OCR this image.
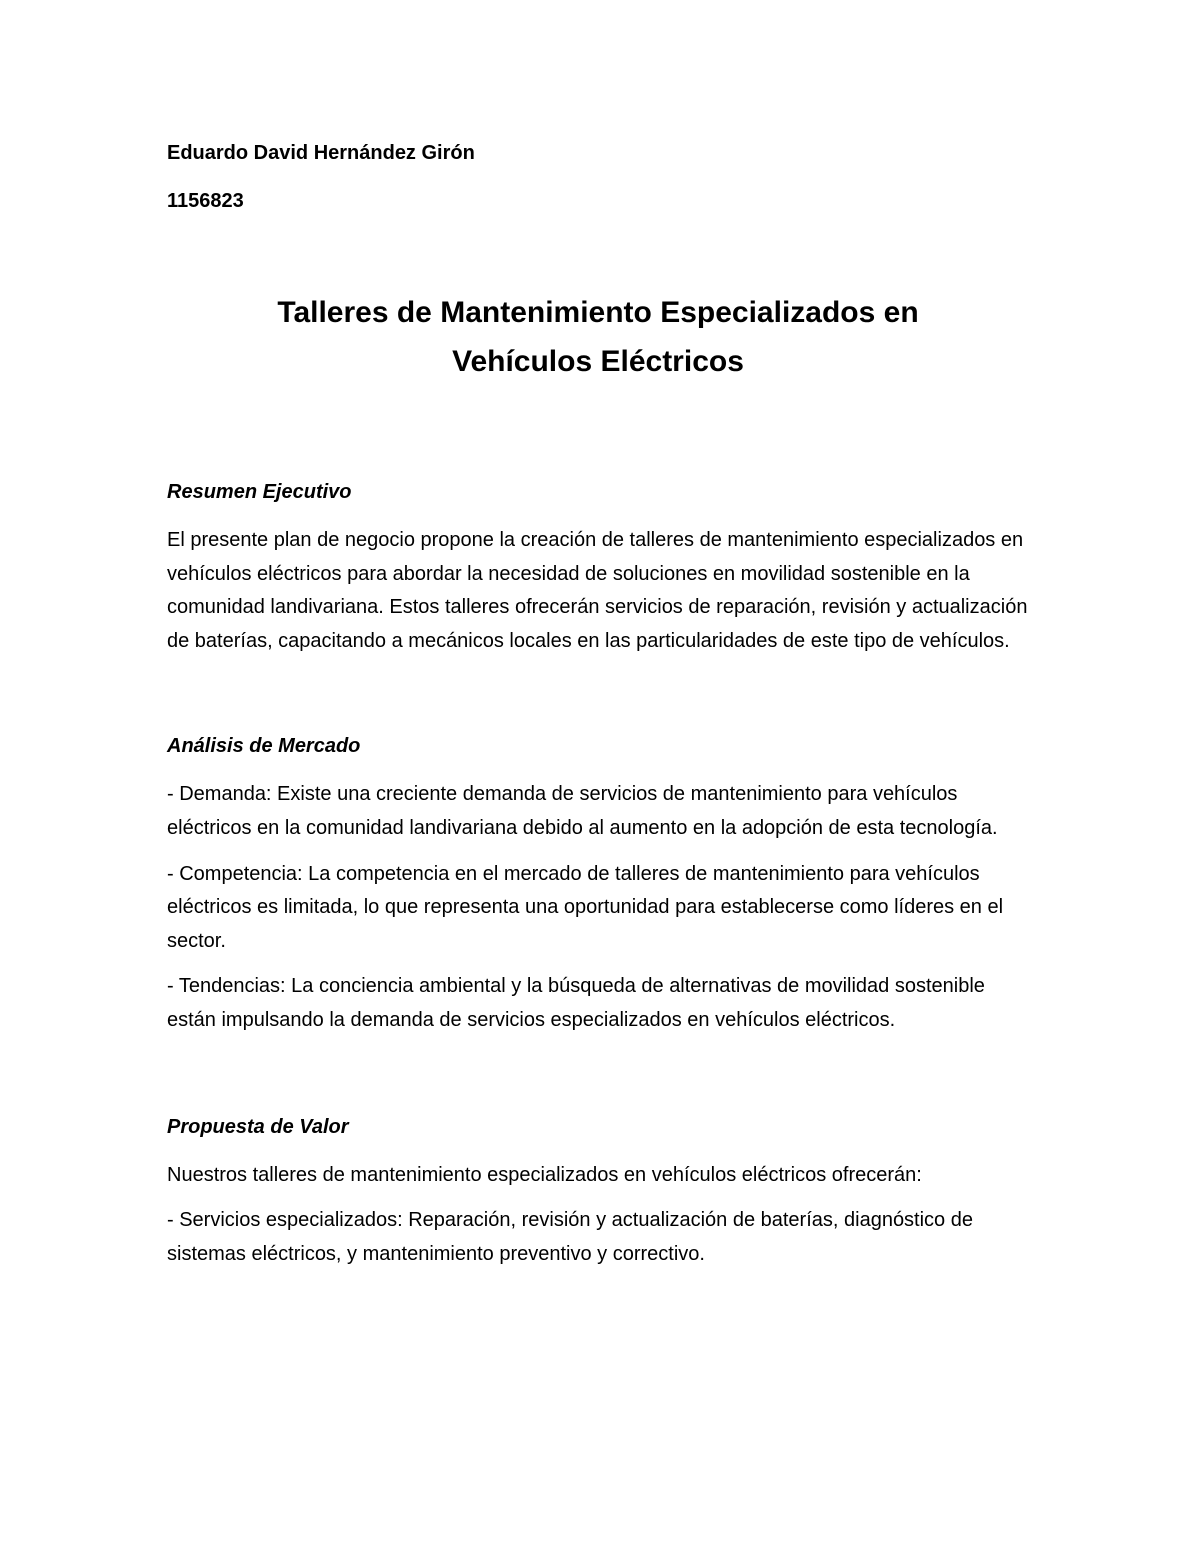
Eduardo David Hernández Girón

1156823

Talleres de Mantenimiento Especializados en
Vehículos Eléctricos
Resumen Ejecutivo

El presente plan de negocio propone la creación de talleres de mantenimiento especializados en vehículos eléctricos para abordar la necesidad de soluciones en movilidad sostenible en la comunidad landivariana. Estos talleres ofrecerán servicios de reparación, revisión y actualización de baterías, capacitando a mecánicos locales en las particularidades de este tipo de vehículos.

Análisis de Mercado

- Demanda: Existe una creciente demanda de servicios de mantenimiento para vehículos eléctricos en la comunidad landivariana debido al aumento en la adopción de esta tecnología.

- Competencia: La competencia en el mercado de talleres de mantenimiento para vehículos eléctricos es limitada, lo que representa una oportunidad para establecerse como líderes en el sector.

- Tendencias: La conciencia ambiental y la búsqueda de alternativas de movilidad sostenible están impulsando la demanda de servicios especializados en vehículos eléctricos.

Propuesta de Valor

Nuestros talleres de mantenimiento especializados en vehículos eléctricos ofrecerán:

- Servicios especializados: Reparación, revisión y actualización de baterías, diagnóstico de sistemas eléctricos, y mantenimiento preventivo y correctivo.
